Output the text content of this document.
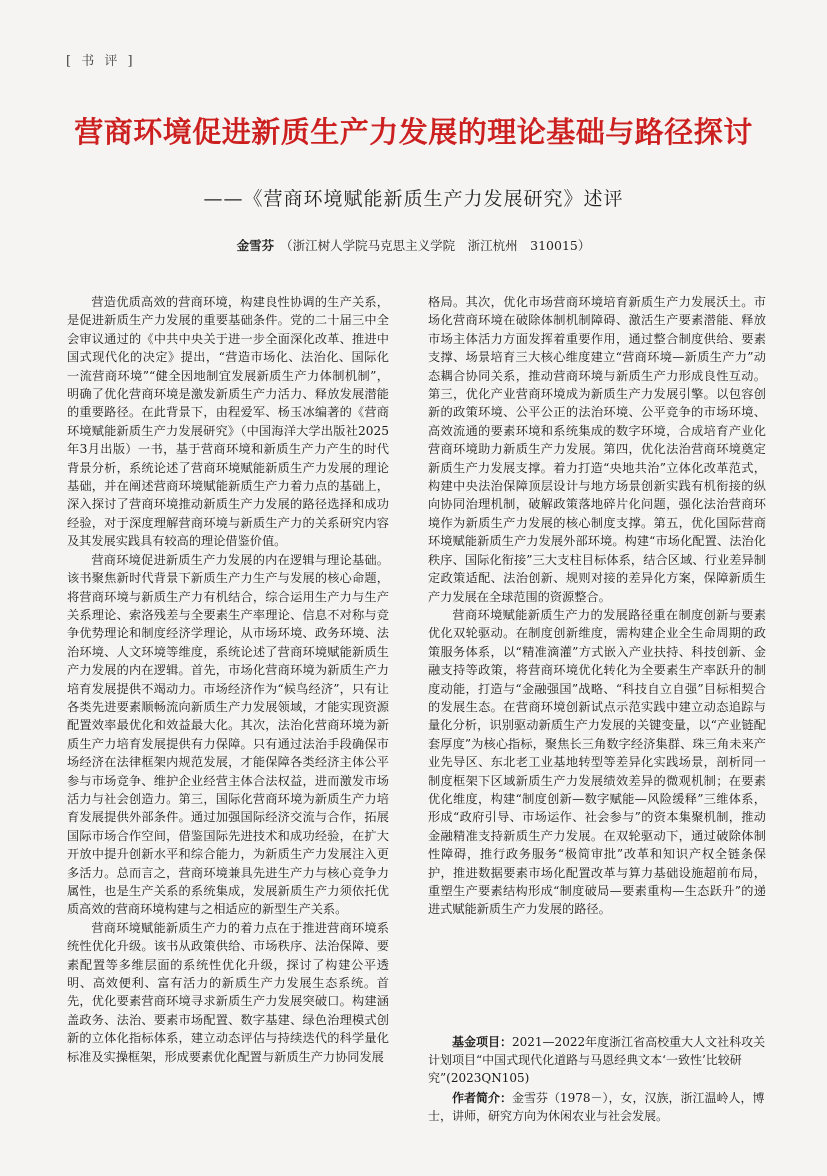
[ 书 评 ]
营商环境促进新质生产力发展的理论基础与路径探讨
——《营商环境赋能新质生产力发展研究》述评
金雪芬 （浙江树人学院马克思主义学院　浙江杭州　310015）

营造优质高效的营商环境，构建良性协调的生产关系，是促进新质生产力发展的重要基础条件。党的二十届三中全会审议通过的《中共中央关于进一步全面深化改革、推进中国式现代化的决定》提出，“营造市场化、法治化、国际化一流营商环境”“健全因地制宜发展新质生产力体制机制”，明确了优化营商环境是激发新质生产力活力、释放发展潜能的重要路径。在此背景下，由程爱军、杨玉冰编著的《营商环境赋能新质生产力发展研究》（中国海洋大学出版社2025年3月出版）一书，基于营商环境和新质生产力产生的时代背景分析，系统论述了营商环境赋能新质生产力发展的理论基础，并在阐述营商环境赋能新质生产力着力点的基础上，深入探讨了营商环境推动新质生产力发展的路径选择和成功经验，对于深度理解营商环境与新质生产力的关系研究内容及其发展实践具有较高的理论借鉴价值。

营商环境促进新质生产力发展的内在逻辑与理论基础。该书聚焦新时代背景下新质生产力生产与发展的核心命题，将营商环境与新质生产力有机结合，综合运用生产力与生产关系理论、索洛残差与全要素生产率理论、信息不对称与竞争优势理论和制度经济学理论，从市场环境、政务环境、法治环境、人文环境等维度，系统论述了营商环境赋能新质生产力发展的内在逻辑。首先，市场化营商环境为新质生产力培育发展提供不竭动力。市场经济作为“候鸟经济”，只有让各类先进要素顺畅流向新质生产力发展领域，才能实现资源配置效率最优化和效益最大化。其次，法治化营商环境为新质生产力培育发展提供有力保障。只有通过法治手段确保市场经济在法律框架内规范发展，才能保障各类经济主体公平参与市场竞争、维护企业经营主体合法权益，进而激发市场活力与社会创造力。第三，国际化营商环境为新质生产力培育发展提供外部条件。通过加强国际经济交流与合作，拓展国际市场合作空间，借鉴国际先进技术和成功经验，在扩大开放中提升创新水平和综合能力，为新质生产力发展注入更多活力。总而言之，营商环境兼具先进生产力与核心竞争力属性，也是生产关系的系统集成，发展新质生产力须依托优质高效的营商环境构建与之相适应的新型生产关系。

营商环境赋能新质生产力的着力点在于推进营商环境系统性优化升级。该书从政策供给、市场秩序、法治保障、要素配置等多维层面的系统性优化升级，探讨了构建公平透明、高效便利、富有活力的新质生产力发展生态系统。首先，优化要素营商环境寻求新质生产力发展突破口。构建涵盖政务、法治、要素市场配置、数字基建、绿色治理模式创新的立体化指标体系，建立动态评估与持续迭代的科学量化标准及实操框架，形成要素优化配置与新质生产力协同发展

格局。其次，优化市场营商环境培育新质生产力发展沃土。市场化营商环境在破除体制机制障碍、激活生产要素潜能、释放市场主体活力方面发挥着重要作用，通过整合制度供给、要素支撑、场景培育三大核心维度建立“营商环境—新质生产力”动态耦合协同关系，推动营商环境与新质生产力形成良性互动。第三，优化产业营商环境成为新质生产力发展引擎。以包容创新的政策环境、公平公正的法治环境、公平竞争的市场环境、高效流通的要素环境和系统集成的数字环境，合成培育产业化营商环境助力新质生产力发展。第四，优化法治营商环境奠定新质生产力发展支撑。着力打造“央地共治”立体化改革范式，构建中央法治保障顶层设计与地方场景创新实践有机衔接的纵向协同治理机制，破解政策落地碎片化问题，强化法治营商环境作为新质生产力发展的核心制度支撑。第五，优化国际营商环境赋能新质生产力发展外部环境。构建“市场化配置、法治化秩序、国际化衔接”三大支柱目标体系，结合区域、行业差异制定政策适配、法治创新、规则对接的差异化方案，保障新质生产力发展在全球范围的资源整合。

营商环境赋能新质生产力的发展路径重在制度创新与要素优化双轮驱动。在制度创新维度，需构建企业全生命周期的政策服务体系，以“精准滴灌”方式嵌入产业扶持、科技创新、金融支持等政策，将营商环境优化转化为全要素生产率跃升的制度动能，打造与“金融强国”战略、“科技自立自强”目标相契合的发展生态。在营商环境创新试点示范实践中建立动态追踪与量化分析，识别驱动新质生产力发展的关键变量，以“产业链配套厚度”为核心指标，聚焦长三角数字经济集群、珠三角未来产业先导区、东北老工业基地转型等差异化实践场景，剖析同一制度框架下区域新质生产力发展绩效差异的微观机制；在要素优化维度，构建“制度创新—数字赋能—风险缓释”三维体系，形成“政府引导、市场运作、社会参与”的资本集聚机制，推动金融精准支持新质生产力发展。在双轮驱动下，通过破除体制性障碍，推行政务服务“极简审批”改革和知识产权全链条保护，推进数据要素市场化配置改革与算力基础设施超前布局，重塑生产要素结构形成“制度破局—要素重构—生态跃升”的递进式赋能新质生产力发展的路径。

基金项目：2021—2022年度浙江省高校重大人文社科攻关计划项目“中国式现代化道路与马恩经典文本‘一致性’比较研究”(2023QN105)

作者简介：金雪芬（1978－），女，汉族，浙江温岭人，博士，讲师，研究方向为休闲农业与社会发展。
